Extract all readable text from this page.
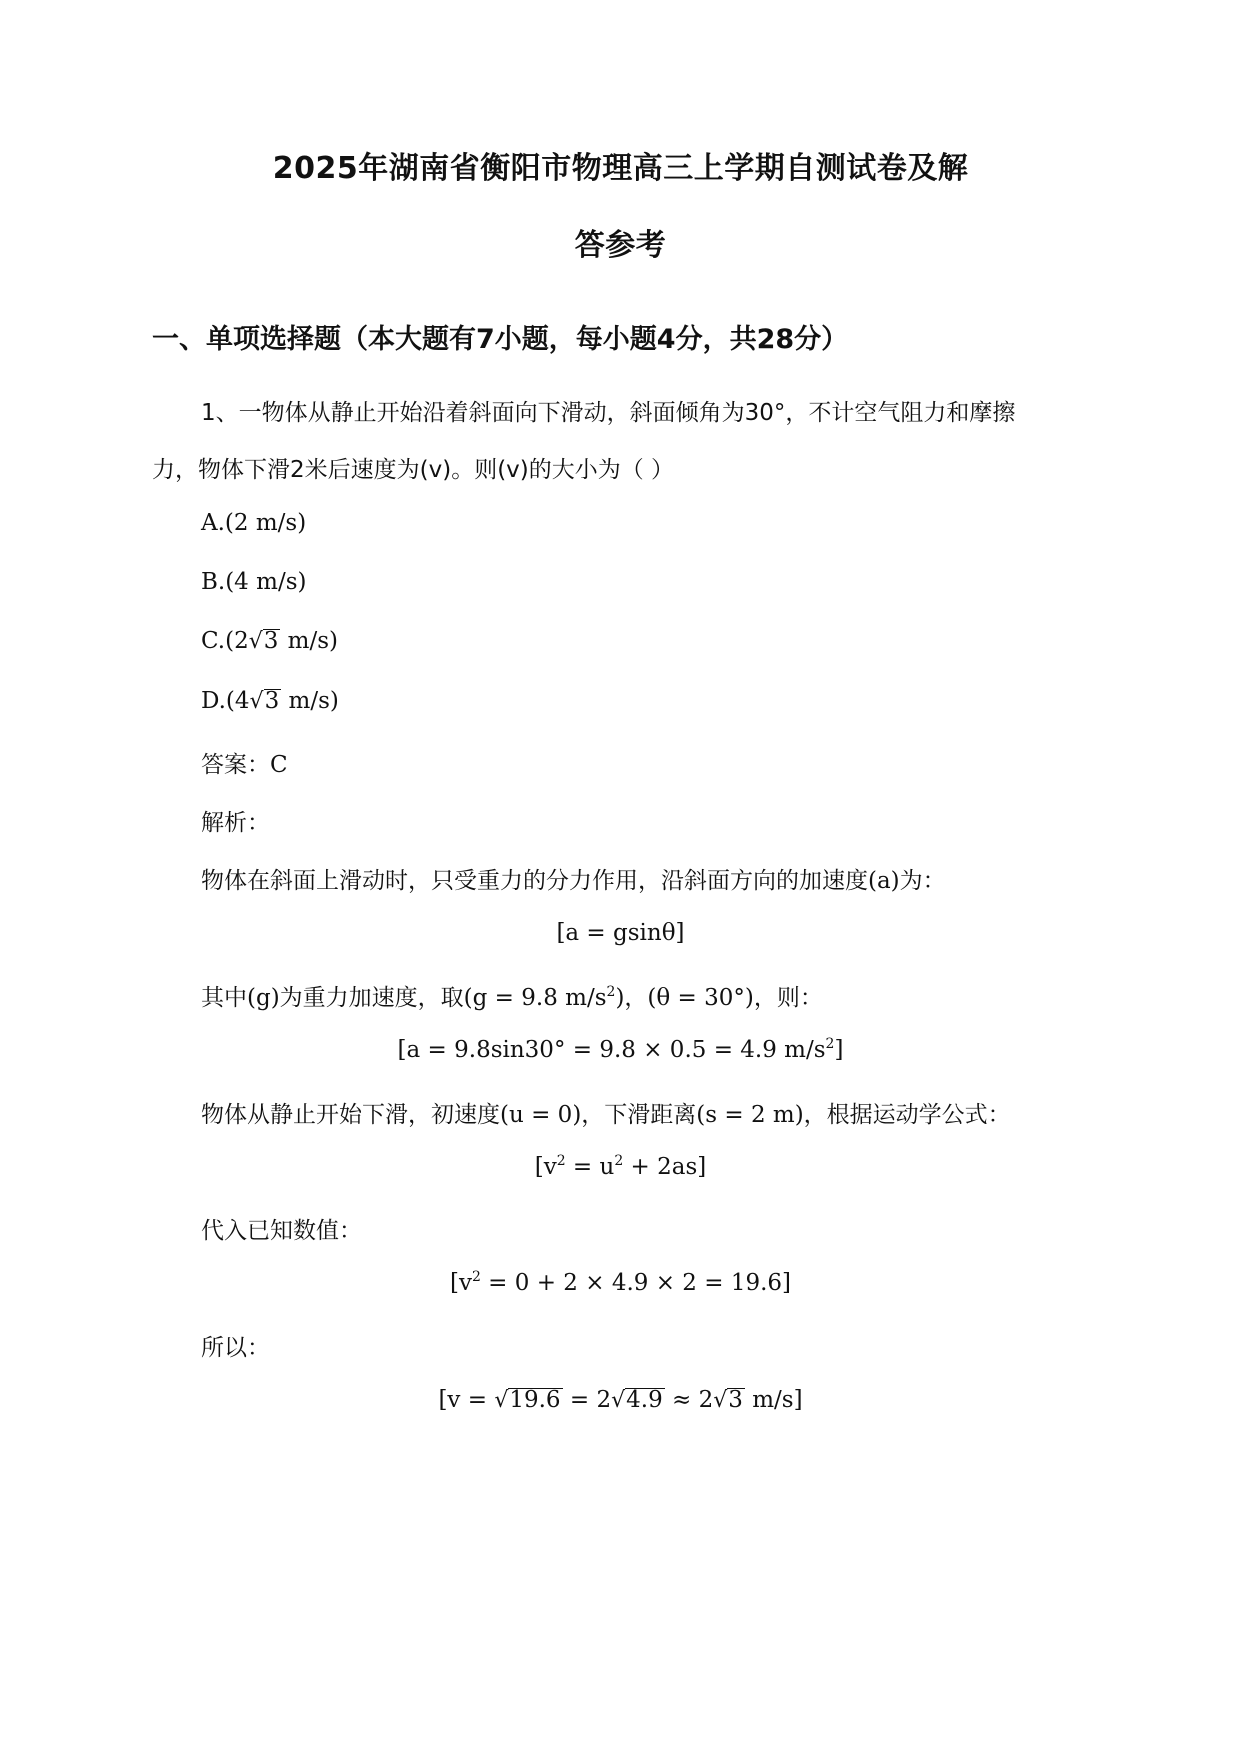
2025年湖南省衡阳市物理高三上学期自测试卷及解
答参考
一、单项选择题（本大题有7小题，每小题4分，共28分）
1、一物体从静止开始沿着斜面向下滑动，斜面倾角为30°，不计空气阻力和摩擦
力，物体下滑2米后速度为(v)。则(v)的大小为（ ）
A.(2 m/s)
B.(4 m/s)
C.(2√3 m/s)
D.(4√3 m/s)
答案：C
解析：
物体在斜面上滑动时，只受重力的分力作用，沿斜面方向的加速度(a)为：
[a = gsinθ]
其中(g)为重力加速度，取(g = 9.8 $m/s^2$)，(θ = 30°)，则：
[a = 9.8sin30° = 9.8 × 0.5 = 4.9 $m/s^2$]
物体从静止开始下滑，初速度(u = 0)，下滑距离(s = 2 m)，根据运动学公式：
$[v^2 = u^2 + 2as]$
代入已知数值：
$[v^2 = 0 + 2 \times 4.9 \times 2 = 19.6]$
所以：
[v = √19.6 = 2√4.9 ≈ 2√3 m/s]
